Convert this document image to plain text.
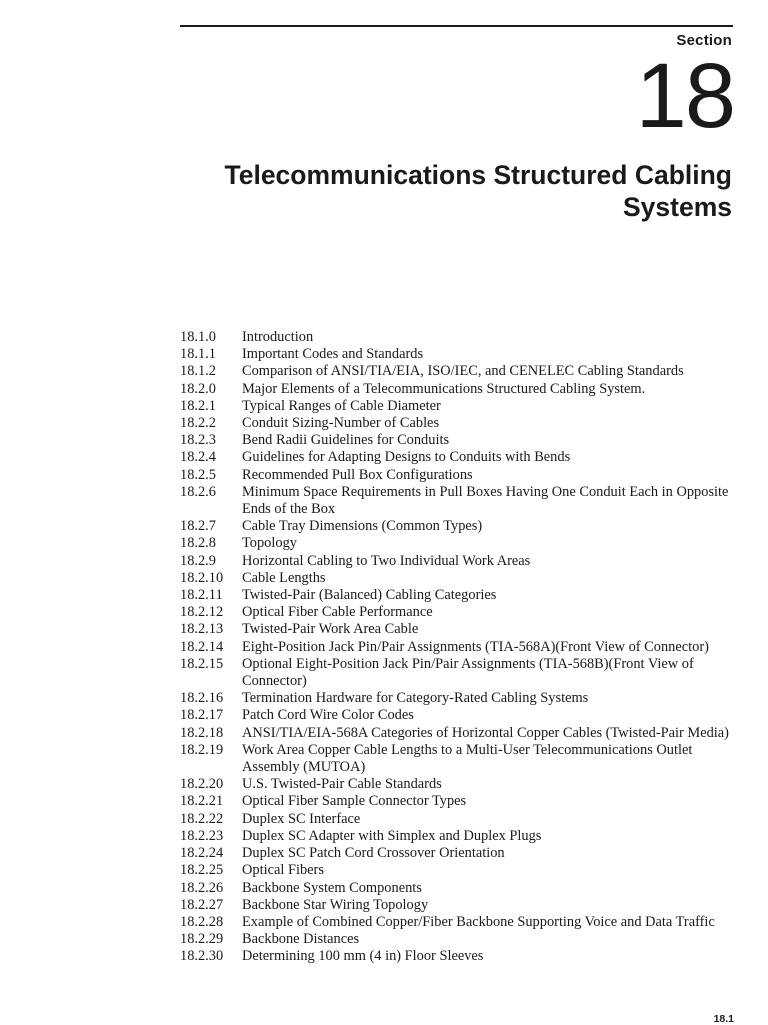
Section
18
Telecommunications Structured Cabling Systems
18.1.0	Introduction
18.1.1	Important Codes and Standards
18.1.2	Comparison of ANSI/TIA/EIA, ISO/IEC, and CENELEC Cabling Standards
18.2.0	Major Elements of a Telecommunications Structured Cabling System.
18.2.1	Typical Ranges of Cable Diameter
18.2.2	Conduit Sizing-Number of Cables
18.2.3	Bend Radii Guidelines for Conduits
18.2.4	Guidelines for Adapting Designs to Conduits with Bends
18.2.5	Recommended Pull Box Configurations
18.2.6	Minimum Space Requirements in Pull Boxes Having One Conduit Each in Opposite Ends of the Box
18.2.7	Cable Tray Dimensions (Common Types)
18.2.8	Topology
18.2.9	Horizontal Cabling to Two Individual Work Areas
18.2.10	Cable Lengths
18.2.11	Twisted-Pair (Balanced) Cabling Categories
18.2.12	Optical Fiber Cable Performance
18.2.13	Twisted-Pair Work Area Cable
18.2.14	Eight-Position Jack Pin/Pair Assignments (TIA-568A)(Front View of Connector)
18.2.15	Optional Eight-Position Jack Pin/Pair Assignments (TIA-568B)(Front View of Connector)
18.2.16	Termination Hardware for Category-Rated Cabling Systems
18.2.17	Patch Cord Wire Color Codes
18.2.18	ANSI/TIA/EIA-568A Categories of Horizontal Copper Cables (Twisted-Pair Media)
18.2.19	Work Area Copper Cable Lengths to a Multi-User Telecommunications Outlet Assembly (MUTOA)
18.2.20	U.S. Twisted-Pair Cable Standards
18.2.21	Optical Fiber Sample Connector Types
18.2.22	Duplex SC Interface
18.2.23	Duplex SC Adapter with Simplex and Duplex Plugs
18.2.24	Duplex SC Patch Cord Crossover Orientation
18.2.25	Optical Fibers
18.2.26	Backbone System Components
18.2.27	Backbone Star Wiring Topology
18.2.28	Example of Combined Copper/Fiber Backbone Supporting Voice and Data Traffic
18.2.29	Backbone Distances
18.2.30	Determining 100 mm (4 in) Floor Sleeves
18.1
